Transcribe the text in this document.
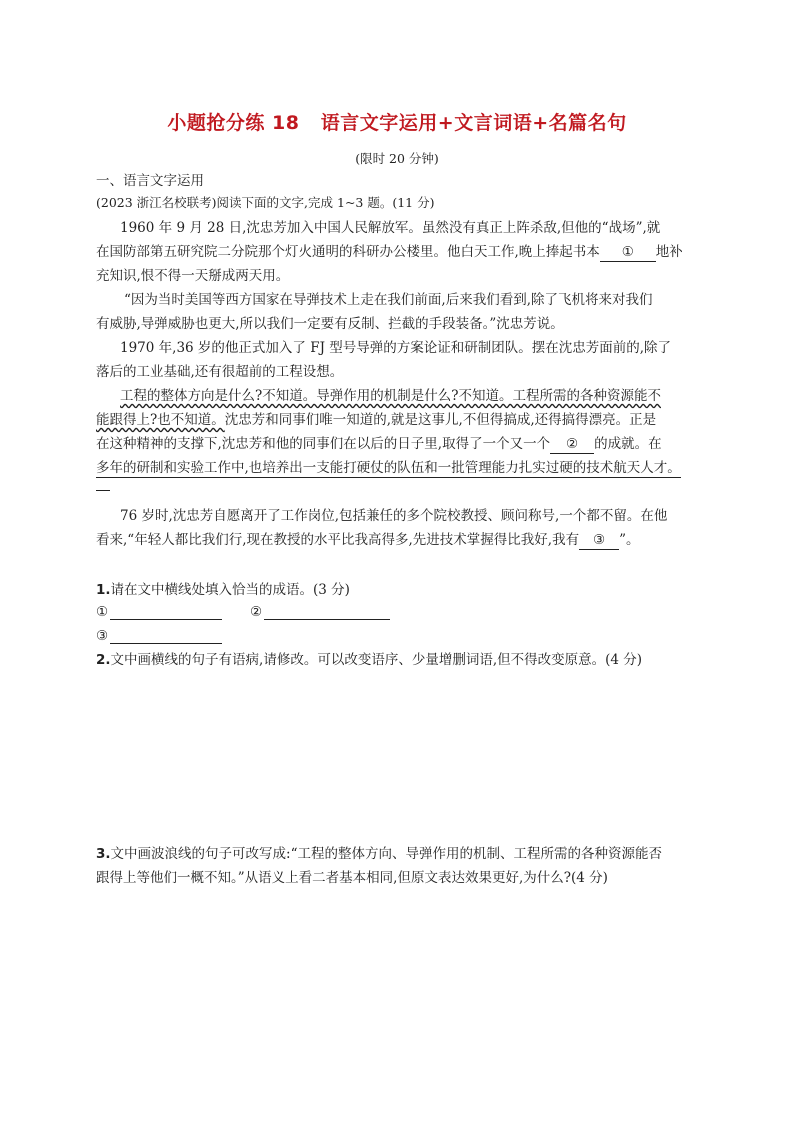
小题抢分练 18   语言文字运用+文言词语+名篇名句
(限时 20 分钟)
一、语言文字运用
(2023 浙江名校联考)阅读下面的文字,完成 1~3 题。(11 分)
1960 年 9 月 28 日,沈忠芳加入中国人民解放军。虽然没有真正上阵杀敌,但他的“战场”,就
在国防部第五研究院二分院那个灯火通明的科研办公楼里。他白天工作,晚上捧起书本 ① 地补
充知识,恨不得一天掰成两天用。
“因为当时美国等西方国家在导弹技术上走在我们前面,后来我们看到,除了飞机将来对我们
有威胁,导弹威胁也更大,所以我们一定要有反制、拦截的手段装备。”沈忠芳说。
1970 年,36 岁的他正式加入了 FJ 型号导弹的方案论证和研制团队。摆在沈忠芳面前的,除了
落后的工业基础,还有很超前的工程设想。
工程的整体方向是什么?不知道。导弹作用的机制是什么?不知道。工程所需的各种资源能不
能跟得上?也不知道。沈忠芳和同事们唯一知道的,就是这事儿,不但得搞成,还得搞得漂亮。正是
在这种精神的支撑下,沈忠芳和他的同事们在以后的日子里,取得了一个又一个 ② 的成就。在
多年的研制和实验工作中,也培养出一支能打硬仗的队伍和一批管理能力扎实过硬的技术航天人才。
76 岁时,沈忠芳自愿离开了工作岗位,包括兼任的多个院校教授、顾问称号,一个都不留。在他
看来,“年轻人都比我们行,现在教授的水平比我高得多,先进技术掌握得比我好,我有 ③ ”。
1.请在文中横线处填入恰当的成语。(3 分)
①	②
③
2.文中画横线的句子有语病,请修改。可以改变语序、少量增删词语,但不得改变原意。(4 分)
3.文中画波浪线的句子可改写成:“工程的整体方向、导弹作用的机制、工程所需的各种资源能否
跟得上等他们一概不知。”从语义上看二者基本相同,但原文表达效果更好,为什么?(4 分)
